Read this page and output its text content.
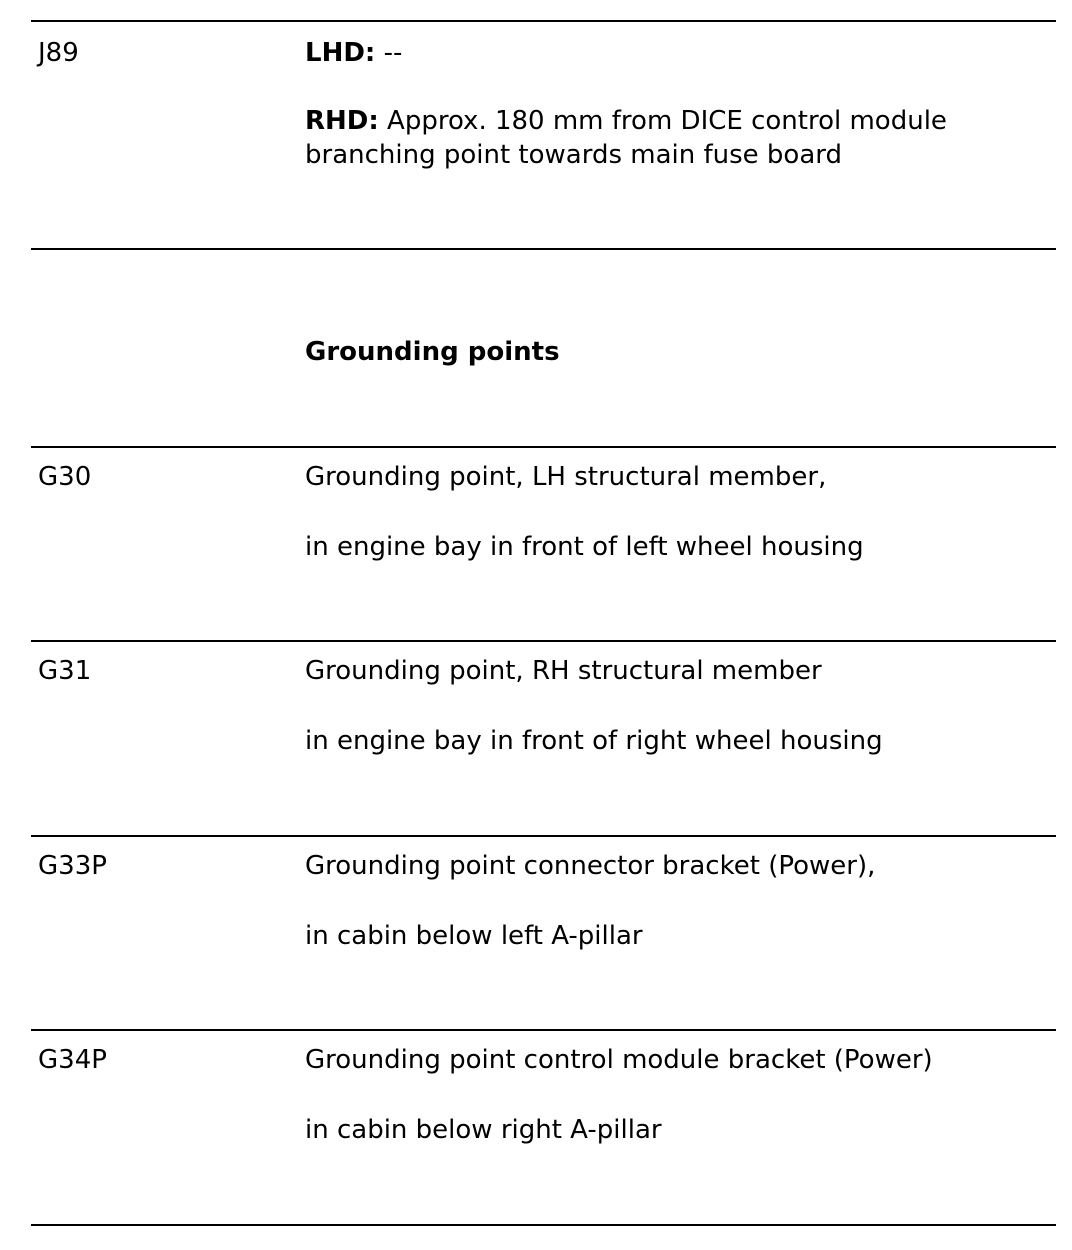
J89	LHD: --
RHD: Approx. 180 mm from DICE control module
branching point towards main fuse board
Grounding points
G30	Grounding point, LH structural member,
in engine bay in front of left wheel housing
G31	Grounding point, RH structural member
in engine bay in front of right wheel housing
G33P	Grounding point connector bracket (Power),
in cabin below left A-pillar
G34P	Grounding point control module bracket (Power)
in cabin below right A-pillar
